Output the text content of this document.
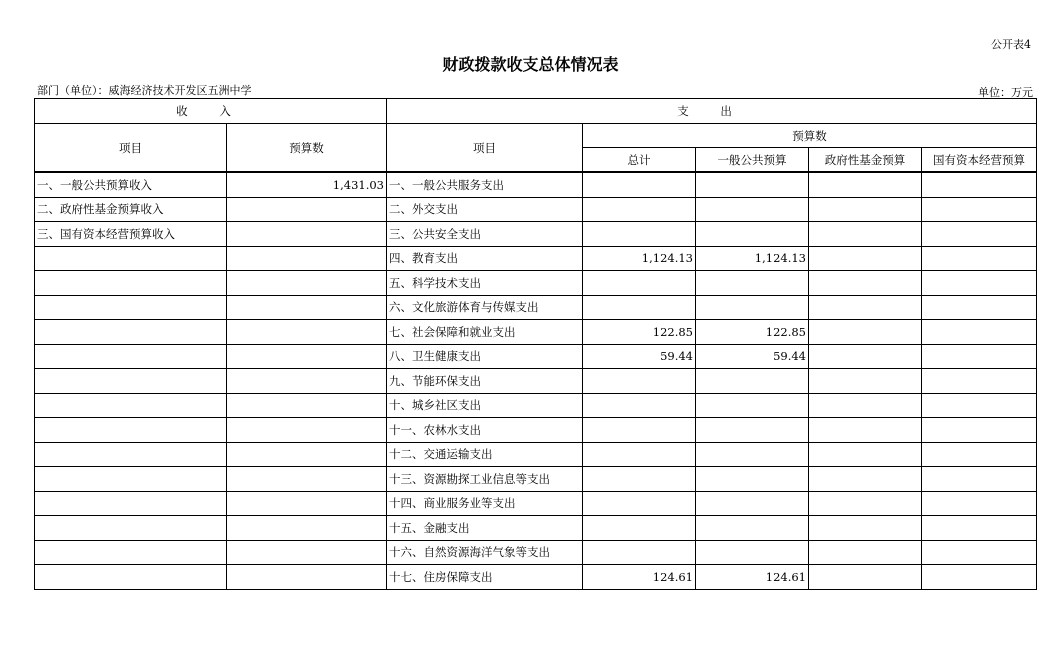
公开表4
财政拨款收支总体情况表
部门（单位）：威海经济技术开发区五洲中学	单位：万元
收 入		支 出				
项目	预算数	项目	预算数			
			总计	一般公共预算	政府性基金预算	国有资本经营预算
一、一般公共预算收入	1,431.03	一、一般公共服务支出				
二、政府性基金预算收入		二、外交支出				
三、国有资本经营预算收入		三、公共安全支出				
		四、教育支出	1,124.13	1,124.13		
		五、科学技术支出				
		六、文化旅游体育与传媒支出				
		七、社会保障和就业支出	122.85	122.85		
		八、卫生健康支出	59.44	59.44		
		九、节能环保支出				
		十、城乡社区支出				
		十一、农林水支出				
		十二、交通运输支出				
		十三、资源勘探工业信息等支出				
		十四、商业服务业等支出				
		十五、金融支出				
		十六、自然资源海洋气象等支出				
		十七、住房保障支出	124.61	124.61		
